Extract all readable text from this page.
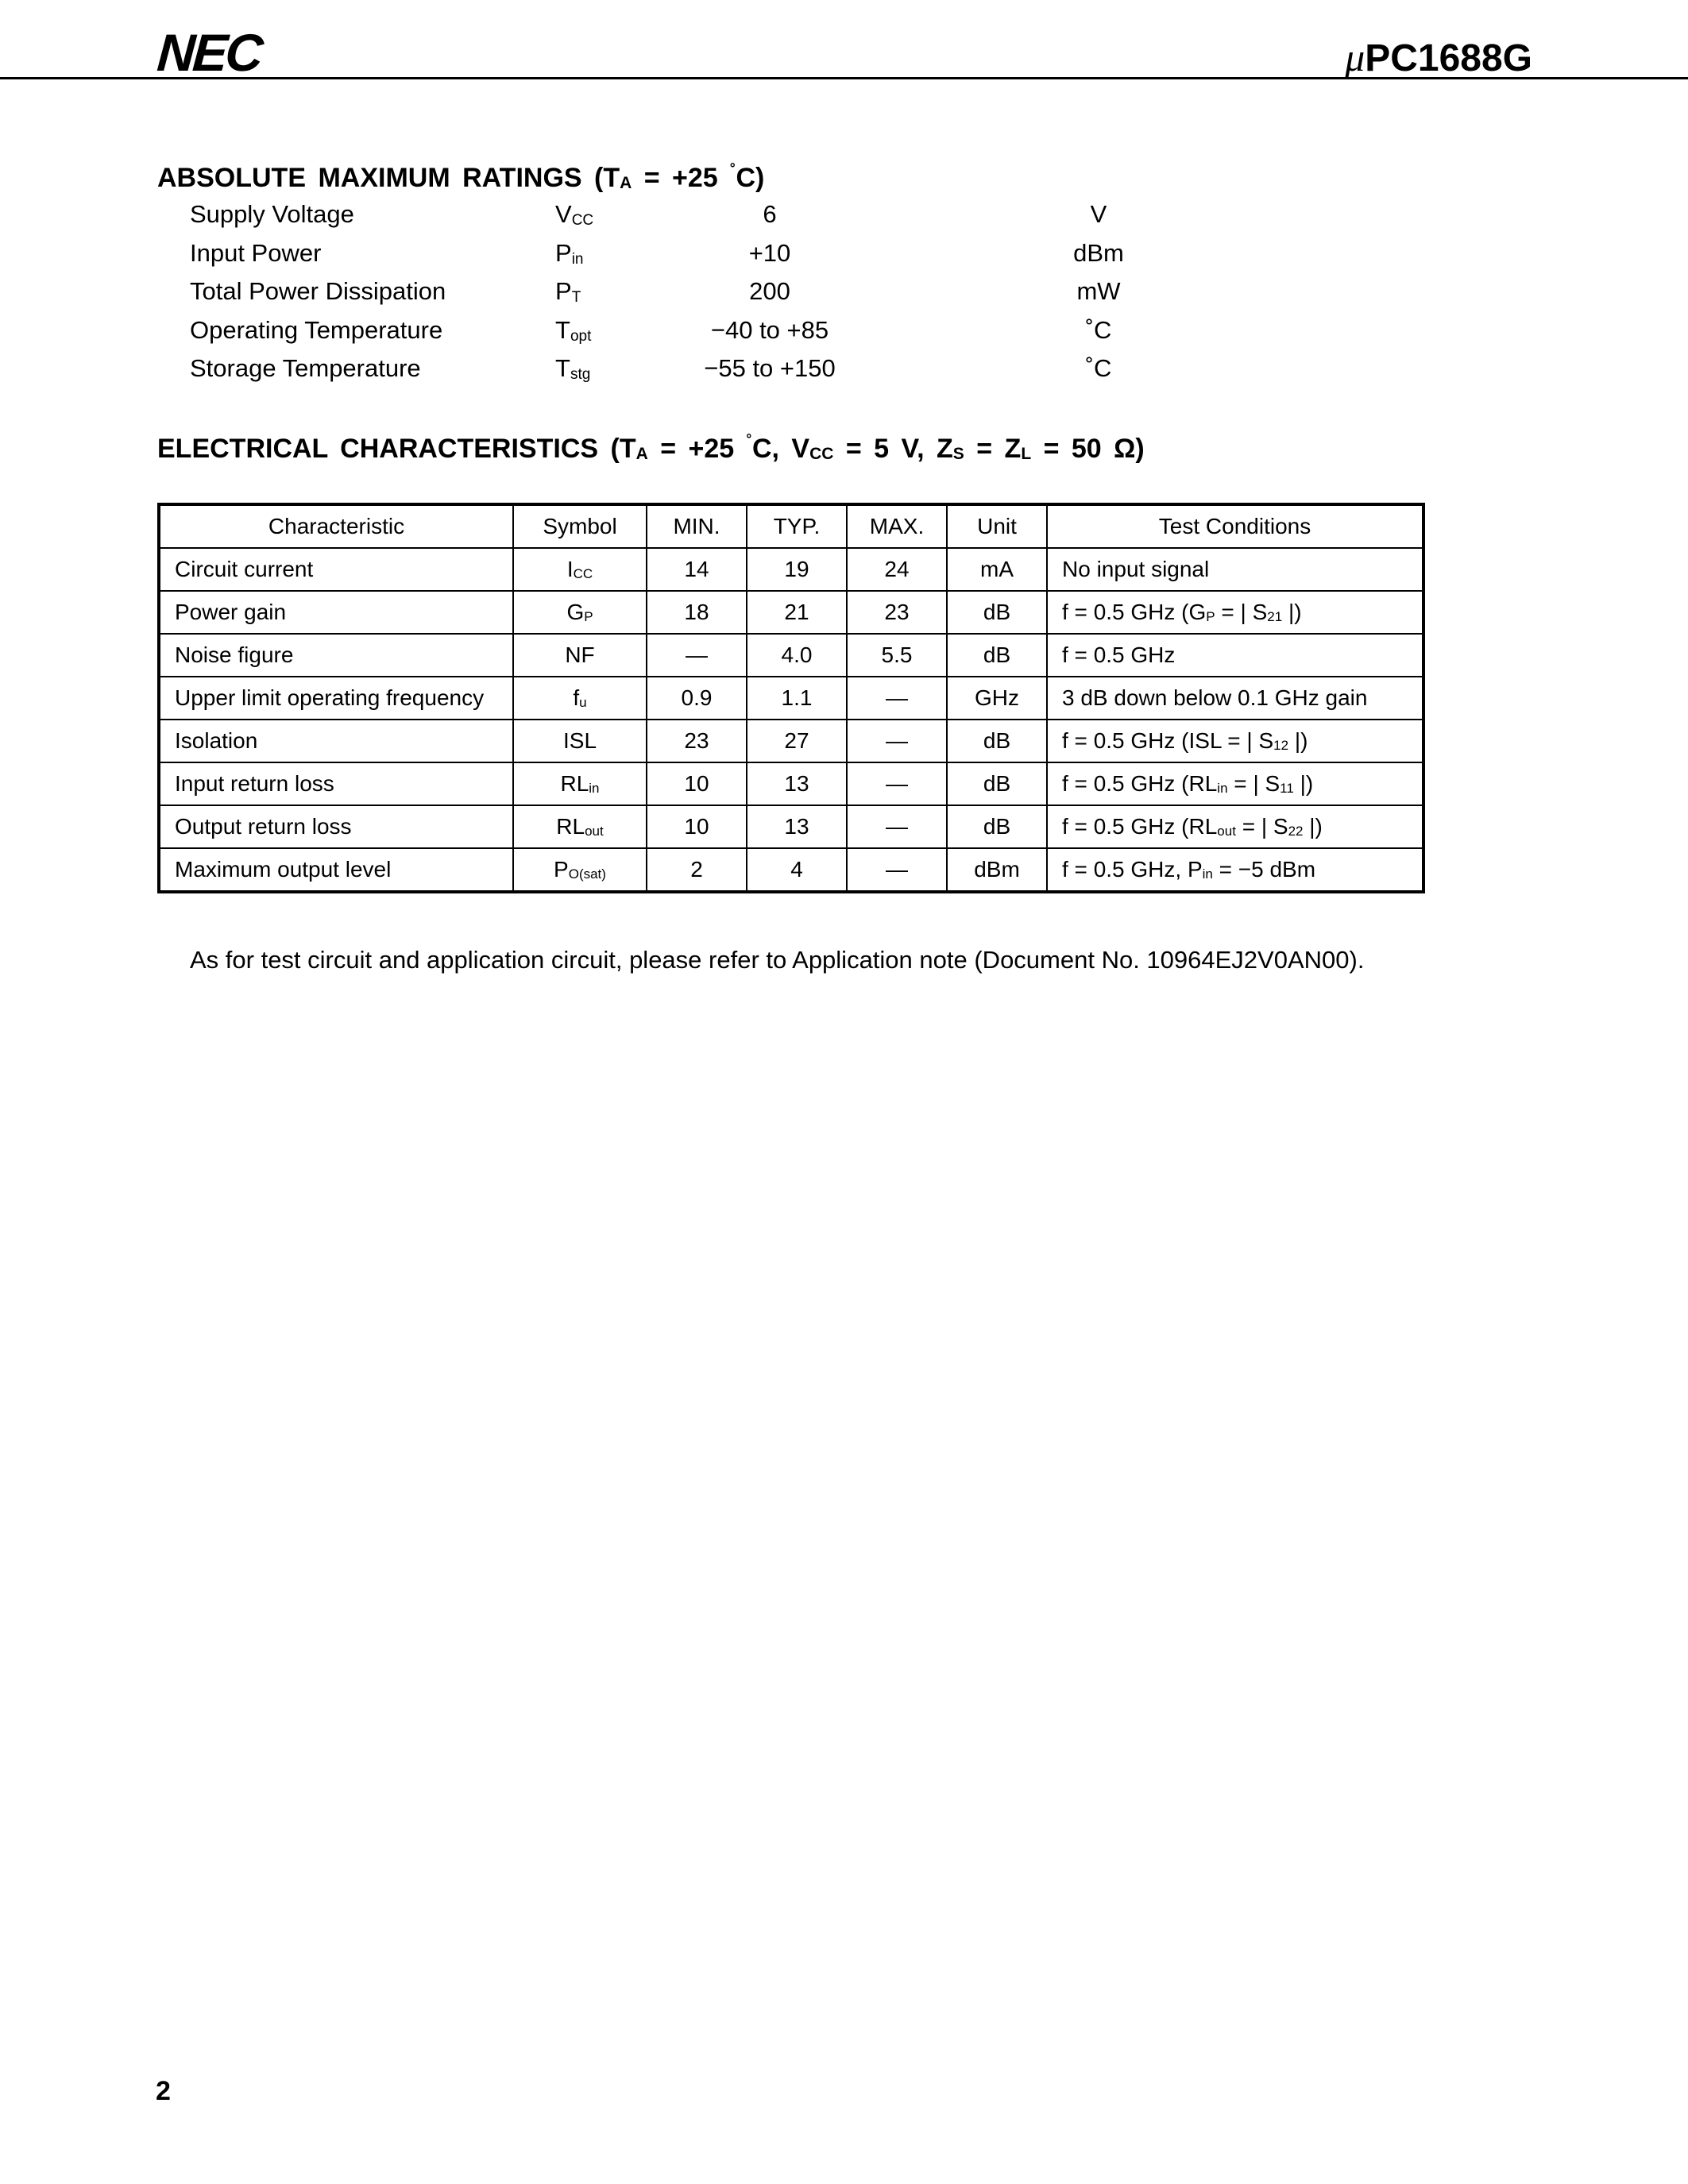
NEC	μPC1688G
ABSOLUTE MAXIMUM RATINGS ($T_A = +25$ ˚C)
Supply Voltage	$V_{CC}$	6	V
Input Power	$P_{in}$	+10	dBm
Total Power Dissipation	$P_T$	200	mW
Operating Temperature	$T_{opt}$	−40 to +85	˚C
Storage Temperature	$T_{stg}$	−55 to +150	˚C
ELECTRICAL CHARACTERISTICS ($T_A = +25$ ˚C, $V_{CC} = 5$ V, $Z_S = Z_L = 50$ Ω)
Characteristic	Symbol	MIN.	TYP.	MAX.	Unit	Test Conditions
Circuit current	$I_{CC}$	14	19	24	mA	No input signal
Power gain	$G_P$	18	21	23	dB	f = 0.5 GHz ($G_P$ = | $S_{21}$ |)
Noise figure	NF	—	4.0	5.5	dB	f = 0.5 GHz
Upper limit operating frequency	$f_u$	0.9	1.1	—	GHz	3 dB down below 0.1 GHz gain
Isolation	ISL	23	27	—	dB	f = 0.5 GHz (ISL = | $S_{12}$ |)
Input return loss	$RL_{in}$	10	13	—	dB	f = 0.5 GHz ($RL_{in}$ = | $S_{11}$ |)
Output return loss	$RL_{out}$	10	13	—	dB	f = 0.5 GHz ($RL_{out}$ = | $S_{22}$ |)
Maximum output level	$P_{O(sat)}$	2	4	—	dBm	f = 0.5 GHz, $P_{in} = -5$ dBm
As for test circuit and application circuit, please refer to Application note (Document No. 10964EJ2V0AN00).
2
